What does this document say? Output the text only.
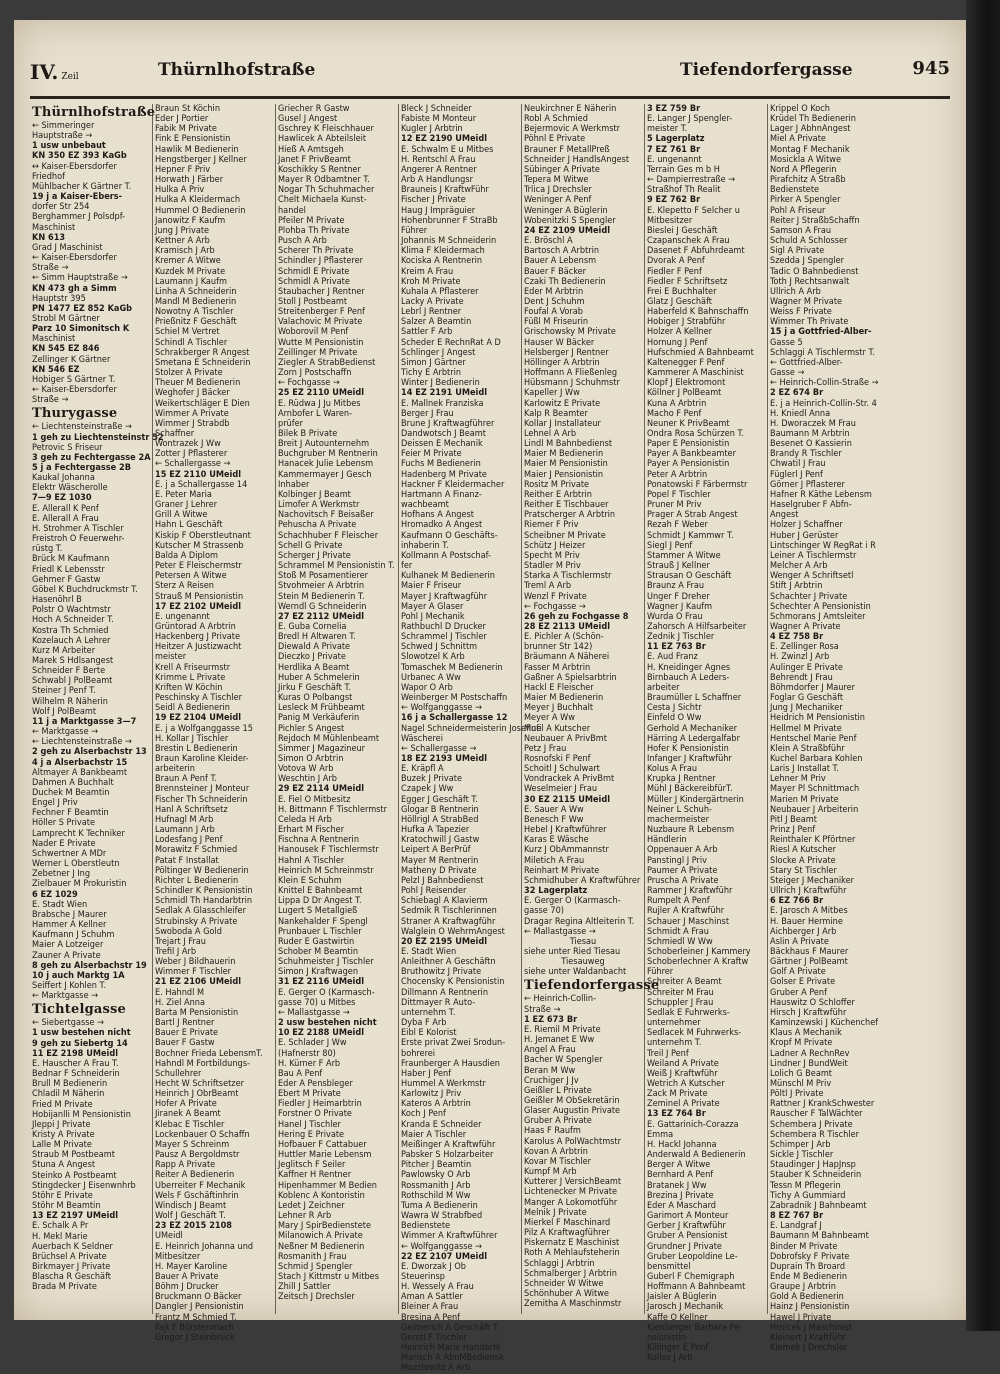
IV. Zeil	Thürnlhofstraße	Tiefendorfergasse	945
Thürnlhofstraße
← Simmeringer
Hauptstraße →
1 usw unbebaut
KN 350 EZ 393 KaGb
↔ Kaiser-Ebersdorfer
Friedhof
Mühlbacher K Gärtner T.
19 j a Kaiser-Ebers-
dorfer Str 254
Berghammer J Polsdpf-
Maschinist
KN 613
Grad J Maschinist
← Kaiser-Ebersdorfer
Straße →
← Simm Hauptstraße →
KN 473 gh a Simm
Hauptstr 395
PN 1477 EZ 852 KaGb
Strobl M Gärtner
Parz 10 Simonitsch K
Maschinist
KN 545 EZ 846
Zellinger K Gärtner
KN 546 EZ
Hobiger S Gärtner T.
← Kaiser-Ebersdorfer
Straße →
Thurygasse
← Liechtensteinstraße →
1 geh zu Liechtensteinstr 52
Petrovic S Friseur
3 geh zu Fechtergasse 2A
5 j a Fechtergasse 2B
Kaukal Johanna
Elektr Wäscherolle
7—9 EZ 1030
E. Allerall K Penf
E. Allerall A Frau
H. Strohmer A Tischler
Freistroh O Feuerwehr-
rüstg T.
Brück M Kaufmann
Friedl K Lebensstr
Gehmer F Gastw
Göbel K Buchdruckmstr T.
Hasenöhrl B
Polstr O Wachtmstr
Hoch A Schneider T.
Kostra Th Schmied
Kozelauch A Lehrer
Kurz M Arbeiter
Marek S Hdlsangest
Schneider F Berte
Schwabl J PolBeamt
Steiner J Penf T.
Wilhelm R Näherin
Wolf J PolBeamt
11 j a Marktgasse 3—7
← Marktgasse →
← Liechtensteinstraße →
2 geh zu Alserbachstr 13
4 j a Alserbachstr 15
Altmayer A Bankbeamt
Dahmen A Buchhalt
Duchek M Beamtin
Engel J Priv
Fechner F Beamtin
Höller S Private
Lamprecht K Techniker
Nader E Private
Schwertner A MDr
Werner L Oberstleutn
Zebetner J Ing
Zielbauer M Prokuristin
6 EZ 1029
E. Stadt Wien
Brabsche J Maurer
Hammer A Kellner
Kaufmann J Schuhm
Maier A Lotzeiger
Zauner A Private
8 geh zu Alserbachstr 19
10 j auch Marktg 1A
Seiffert J Kohlen T.
← Marktgasse →
Tichtelgasse
← Siebertgasse →
1 usw bestehen nicht
9 geh zu Siebertg 14
11 EZ 2198 UMeidl
E. Hauscher A Frau T.
Bednar F Schneiderin
Brull M Bedienerin
Chladil M Näherin
Fried M Private
Hobijanlli M Pensionistin
Jleppi J Private
Kristy A Private
Lalle M Private
Straub M Postbeamt
Stuna A Angest
Steinko A Postbeamt
Stingdecker J Eisenwnhrb
Stöhr E Private
Stöhr M Beamtin
13 EZ 2197 UMeidl
E. Schalk A Pr
H. Mekl Marie
Auerbach K Seldner
Brüchsel A Private
Birkmayer J Private
Blascha R Geschäft
Brada M Private
Braun St Köchin
Eder J Portier
Fabik M Private
Fink E Pensionistin
Hawlik M Bedienerin
Hengstberger J Kellner
Hepner F Priv
Horwath J Färber
Hulka A Priv
Hulka A Kleidermach
Hummel O Bedienerin
Janowitz F Kaufm
Jung J Private
Kettner A Arb
Kramisch J Arb
Kremer A Witwe
Kuzdek M Private
Laumann J Kaufm
Linha A Schneiderin
Mandl M Bedienerin
Nowotny A Tischler
Prießnitz F Geschäft
Schiel M Vertret
Schindl A Tischler
Schrakberger R Angest
Smetana E Schneiderin
Stolzer A Private
Theuer M Bedienerin
Weghofer J Bäcker
Weikertschläger E Dien
Wimmer A Private
Wimmer J Strabdb
Schaffner
Wontrazek J Ww
Zotter J Pflasterer
← Schallergasse →
15 EZ 2110 UMeidl
E. j a Schallergasse 14
E. Peter Maria
Graner J Lehrer
Grill A Witwe
Hahn L Geschäft
Kiskip F Oberstleutnant
Kutscher M Strassenb
Balda A Diplom
Peter E Fleischermstr
Petersen A Witwe
Sterz A Reisen
Strauß M Pensionistin
17 EZ 2102 UMeidl
E. ungenannt
Grüntorad A Arbtrin
Hackenberg J Private
Heitzer A Justizwacht
meister
Krell A Friseurmstr
Krimme L Private
Kriften W Köchin
Peschinsky A Tischler
Seidl A Bedienerin
19 EZ 2104 UMeidl
E. j a Wolfganggasse 15
H. Kollar J Tischler
Brestin L Bedienerin
Braun Karoline Kleider-
arbeiterin
Braun A Penf T.
Brennsteiner J Monteur
Fischer Th Schneiderin
Hanl A Schriftsetz
Hufnagl M Arb
Laumann J Arb
Lodesfang J Penf
Morawitz F Schmied
Patat F Installat
Pöltinger W Bedienerin
Richter L Bedienerin
Schindler K Pensionistin
Schmidl Th Handarbtrin
Sedlak A Glasschleifer
Strubinsky A Private
Swoboda A Gold
Trejart J Frau
Trefil J Arb
Weber J Bildhauerin
Wimmer F Tischler
21 EZ 2106 UMeidl
E. Hahndl M
H. Ziel Anna
Barta M Pensionistin
Bartl J Rentner
Bauer E Private
Bauer F Gastw
Bochner Frieda LebensmT.
Hahndl M Fortbildungs-
Schullehrer
Hecht W Schriftsetzer
Heinrich J ObrBeamt
Hofer A Private
Jiranek A Beamt
Klebac E Tischler
Lockenbauer O Schaffn
Mayer S Schreinm
Pausz A Bergoldmstr
Rapp A Private
Reiter A Bedienerin
Uberreiter F Mechanik
Wels F Gschäftinhrin
Windisch J Beamt
Wolf J Geschäft T.
23 EZ 2015 2108
UMeidl
E. Heinrich Johanna und
Mitbesitzer
H. Mayer Karoline
Bauer A Private
Böhm J Drucker
Bruckmann O Bäcker
Dangler J Pensionistin
Frantz M Schmied T.
Fajt F Bürstenmach
Gregor J Steinbruck
Griecher R Gastw
Gusel J Angest
Gschrey K Fleischhauer
Hawlicek A Abteilsleit
Hieß A Amtsgeh
Janet F PrivBeamt
Koschikky S Rentner
Mayer R Odbamtner T.
Nogar Th Schuhmacher
Chelt Michaela Kunst-
handel
Pfeiler M Private
Plohba Th Private
Pusch A Arb
Scherer Th Private
Schindler J Pflasterer
Schmidl E Private
Schmidl A Private
Staubacher J Rentner
Stoll J Postbeamt
Streitenberger F Penf
Valachovic M Private
Woborovil M Penf
Wutte M Pensionistin
Zeillinger M Private
Ziegler A StrabBedienst
Zorn J Postschaffn
← Fochgasse →
25 EZ 2110 UMeidl
E. Rüdwa J Ju Mitbes
Arnbofer L Waren-
prüfer
Bilek B Private
Breit J Autounternehm
Buchgruber M Rentnerin
Hanacek Julie Lebensm
Kammermayer J Gesch
Inhaber
Kolbinger J Beamt
Limofer A Werkmstr
Nachovitsch F Beisaßer
Pehuscha A Private
Schachhuber F Fleischer
Schell G Private
Scherger J Private
Schrammel M Pensionistin T.
Stoß M Posamentierer
Stvohmeier A Arbtrin
Stein M Bedienerin T.
Werndl G Schneiderin
27 EZ 2112 UMeidl
E. Guba Cornelia
Bredl H Altwaren T.
Diewald A Private
Dieczko J Private
Herdlika A Beamt
Huber A Schmelerin
Jirku F Geschäft T.
Kuras O Polbangst
Lesleck M Frühbeamt
Panig M Verkäuferin
Pichler S Angest
Rejdoch M Mühlenbeamt
Simmer J Magazineur
Simon O Arbtrin
Votova W Arb
Weschtin J Arb
29 EZ 2114 UMeidl
E. Fiel O Mitbesitz
H. Bittmann F Tischlermstr
Celeda H Arb
Erhart M Fischer
Fischna A Rentnerin
Hanousek F Tischlermstr
Hahnl A Tischler
Heinrich M Schreinmstr
Klein E Schuhm
Knittel E Bahnbeamt
Lippa D Dr Angest T.
Lugert S Metallgieß
Nankehalder F Spengl
Prunbauer L Tischler
Ruder E Gastwirtin
Schober M Beamtin
Schuhmeister J Tischler
Simon J Kraftwagen
31 EZ 2116 UMeidl
E. Gerger O (Karmasch-
gasse 70) u Mitbes
← Mallastgasse →
2 usw bestehen nicht
10 EZ 2188 UMeidl
E. Schlader J Ww
(Hafnerstr 80)
H. Kürner F Arb
Bau A Penf
Eder A Pensbleger
Ebert M Private
Fiedler J Heimarbtrin
Forstner O Private
Hanel J Tischler
Hering E Private
Hofbauer F Cattabuer
Huttler Marie Lebensm
Jeglitsch F Seiler
Kaffner H Rentner
Hipenhammer M Bedien
Koblenc A Kontoristin
Ledet J Zeichner
Lehner R Arb
Mary J SpirBedienstete
Milanowich A Private
Neßner M Bedienerin
Rosmanith J Frau
Schmid J Spengler
Stach J Kittmstr u Mitbes
Zhill J Sattler
Zeitsch J Drechsler
Bleck J Schneider
Fabiste M Monteur
Kugler J Arbtrin
12 EZ 2190 UMeidl
E. Schwalm E u Mitbes
H. Rentschl A Frau
Angerer A Rentner
Arb A Handlungsr
Brauneis J KraftwFühr
Fischer J Private
Haug J Impräguier
Hohenbrunner F StraBb
Führer
Johannis M Schneiderin
Klima F Kleidermach
Kociska A Rentnerin
Kreim A Frau
Kroh M Private
Kuhala A Pflasterer
Lacky A Private
Lebrl J Rentner
Salzer A Beamtin
Sattler F Arb
Scheder E RechnRat A D
Schlinger J Angest
Simon J Gärtner
Tichy E Arbtrin
Winter J Bedienerin
14 EZ 2191 UMeidl
E. Mallnek Franziska
Berger J Frau
Brune J Kraftwagführer
Dandwotsch J Beamt
Deissen E Mechanik
Feier M Private
Fuchs M Bedienerin
Hadenberg M Private
Hackner F Kleidermacher
Hartmann A Finanz-
wachbeamt
Hofhans A Angest
Hromadko A Angest
Kaufmann O Geschäfts-
inhaberin T.
Kollmann A Postschaf-
fer
Kulhanek M Bedienerin
Maier F Friseur
Mayer J Kraftwagführ
Mayer A Glaser
Pohl J Mechanik
Rathbuchl D Drucker
Schrammel J Tischler
Schwed J Schnittm
Slowotzel K Arb
Tomaschek M Bedienerin
Urbanec A Ww
Wapor O Arb
Weinberger M Postschaffn
← Wolfganggasse →
16 j a Schallergasse 12
Nagel Schneidermeisterin Josefine
Wäscherei
← Schallergasse →
18 EZ 2193 UMeidl
E. Kräpfl A
Buzek J Private
Czapek J Ww
Egger J Geschäft T.
Glogar B Rentnerin
Höllrigl A StrabBed
Hufka A Tapezier
Kratochwill J Gastw
Leipert A BerPrüf
Mayer M Rentnerin
Matheny D Private
Pelzl J Bahnbedienst
Pohl J Reisender
Schiebagl A Klavierm
Sedmik R Tischlerinnen
Straner A Kraftwagführ
Walglein O WehrmAngest
20 EZ 2195 UMeidl
E. Stadt Wien
Anleithner A Geschäftn
Bruthowitz J Private
Chocensky K Pensionistin
Dillmann A Rentnerin
Dittmayer R Auto-
unternehm T.
Dyba F Arb
Eibl E Kolorist
Erste privat Zwei Srodun-
bohrerei
Fraunberger A Hausdien
Haber J Penf
Hummel A Werkmstr
Karlowitz J Priv
Kateros A Arbtrin
Koch J Penf
Kranda E Schneider
Maier A Tischler
Meißinger A Kraftwführ
Pabsker S Holzarbeiter
Pitcher J Beamtin
Pawlowsky O Arb
Rossmanith J Arb
Rothschild M Ww
Tuma A Bedienerin
Wawra W Strabfbed
Bedienstete
Wimmer A Kraftwführer
← Wolfganggasse →
22 EZ 2107 UMeidl
E. Dworzak J Ob
Steuerinsp
H. Wessely A Frau
Aman A Sattler
Bleiner A Frau
Bresina A Penf
Geimerich A Geschäft T.
Gerstl F Tischler
Heinrich Marie Handarbl
Marisch A AbnMBediensk
Mozzlowitz A Arb
Neukirchner E Näherin
Robl A Schmied
Bejermovic A Werkmstr
Pöhnl E Private
Brauner F MetallPreß
Schneider J HandlsAngest
Sübinger A Private
Tepera M Witwe
Trlica J Drechsler
Weninger A Penf
Weninger A Büglerin
Wobenitzki S Spengler
24 EZ 2109 UMeidl
E. Bröschl A
Bartosch A Arbtrin
Bauer A Lebensm
Bauer F Bäcker
Czaki Th Bedienerin
Eder M Arbtrin
Dent J Schuhm
Foufal A Vorab
Füßl M Friseurin
Grischowsky M Private
Hauser W Bäcker
Helsberger J Rentner
Höllinger A Arbtrin
Hoffmann A Fließenleg
Hübsmann J Schuhmstr
Kapeller J Ww
Karlowitz E Private
Kalp R Beamter
Kollar J Installateur
Lehnel A Arb
Lindl M Bahnbedienst
Maier M Bedienerin
Maier M Pensionistin
Maier J Pensionistin
Rositz M Private
Reither E Arbtrin
Reither E Tischbauer
Pratscherger A Arbtrin
Riemer F Priv
Scheibner M Private
Schütz J Heizer
Specht M Priv
Stadler M Priv
Starka A Tischlermstr
Treml A Arb
Wenzl F Private
← Fochgasse →
26 geh zu Fochgasse 8
28 EZ 2113 UMeidl
E. Pichler A (Schön-
brunner Str 142)
Bräumann A Näherei
Fasser M Arbtrin
Gaßner A Spielsarbtrin
Hackl E Fleischer
Maier M Bedienerin
Meyer J Buchhalt
Meyer A Ww
Mufil A Kutscher
Neubauer A PrivBmt
Petz J Frau
Rosnofski F Penf
Schoitl J Schulwart
Vondrackek A PrivBmt
Weselmeier J Frau
30 EZ 2115 UMeidl
E. Sauer A Ww
Benesch F Ww
Hebel J Kraftwführer
Karas E Wäsche
Kurz J ObAmmannstr
Miletich A Frau
Reinhart M Private
Schmidhuber A Kraftwführer
32 Lagerplatz
E. Gerger O (Karmasch-
gasse 70)
Dragar Regina Altleiterin T.
← Mallastgasse →
Tiesau
siehe unter Ried Tiesau
Tiesauweg
siehe unter Waldanbacht
Tiefendorfergasse
← Heinrich-Collin-
Straße →
1 EZ 673 Br
E. Riemil M Private
H. Jemanet E Ww
Angel A Frau
Bacher W Spengler
Beran M Ww
Cruchiger J Jv
Geißler L Private
Geißler M ObSekretärin
Glaser Augustin Private
Gruber A Private
Haas F Raufm
Karolus A PolWachtmstr
Kovan A Arbtrin
Kovar M Tischler
Kumpf M Arb
Kutterer J VersichBeamt
Lichtenecker M Private
Manger A Lokomotführ
Melnik J Private
Mierkel F Maschinard
Pilz A Kraftwagführer
Piskernatz E Maschinist
Roth A Mehlaufsteherin
Schlaggi J Arbtrin
Schmalberger J Arbtrin
Schneider W Witwe
Schönhuber A Witwe
Zemitha A Maschinmstr
3 EZ 759 Br
E. Langer J Spengler-
meister T.
5 Lagerplatz
7 EZ 761 Br
E. ungenannt
Terrain Ges m b H
← Dampierrestraße →
Straßhof Th Realit
9 EZ 762 Br
E. Klepetto F Selcher u
Mitbesitzer
Bieslei J Geschäft
Czapanschek A Frau
Dasenet F Abfuhrdeamt
Dvorak A Penf
Fiedler F Penf
Fiedler F Schriftsetz
Frei E Buchhalter
Glatz J Geschäft
Haberfeld K Bahnschaffn
Hobiger J Strabführ
Holzer A Kellner
Hornung J Penf
Hufschmied A Bahnbeamt
Kaltenegger F Penf
Kammerer A Maschinist
Klopf J Elektromont
Köllner J PolBeamt
Kuna A Arbtrin
Macho F Penf
Neuner K PrivBeamt
Ondra Rosa Schürzen T.
Paper E Pensionistin
Payer A Bankbeamter
Payer A Pensionistin
Peter A Arbtrin
Ponatowski F Färbermstr
Popel F Tischler
Pruner M Priv
Prager A Strab Angest
Rezah F Weber
Schmidt J Kammwr T.
Siegl J Penf
Stammer A Witwe
Strauß J Kellner
Strausan O Geschäft
Braunz A Frau
Unger F Dreher
Wagner J Kaufm
Wurda O Frau
Zahorsch A Hilfsarbeiter
Zednik J Tischler
11 EZ 763 Br
E. Aud Franz
H. Kneidinger Agnes
Birnbauch A Leders-
arbeiter
Braumüller L Schaffner
Cesta J Sichtr
Einfeld O Ww
Gerhold A Mechaniker
Härring A Ledergalfabr
Hofer K Pensionistin
Infanger J Kraftwführ
Kolus A Frau
Krupka J Rentner
Mühl J BäckereibfürT.
Müller J Kindergärtnerin
Neiner L Schuh-
machermeister
Nuzbaure R Lebensm
Händlerin
Oppenauer A Arb
Panstingl J Priv
Paumer A Private
Pruscha A Private
Rammer J Kraftwführ
Rumpelt A Penf
Rujler A Kraftwführ
Schauer J Maschinst
Schmidt A Frau
Schmiedl W Ww
Schoberleiner J Kammery
Schoberlechner A Kraftw
Führer
Schreiter A Beamt
Schreiter M Frau
Schuppler J Frau
Sedlak E Fuhrwerks-
unternehmer
Sedlacek M Fuhrwerks-
unternehm T.
Treil J Penf
Weiland A Private
Weiß J Kraftwführ
Wetrich A Kutscher
Zack M Private
Zeminel A Private
13 EZ 764 Br
E. Gattarinich-Corazza
Emma
H. Hackl Johanna
Anderwald A Bedienerin
Berger A Witwe
Bernhard A Penf
Bratanek J Ww
Brezina J Private
Eder A Maschard
Garimort A Monteur
Gerber J Kraftwführ
Gruber A Pensionist
Grundner J Private
Gruber Leopoldine Le-
bensmittel
Guberl F Chemigraph
Hoffmann A Bahnbeamt
Jaisler A Büglerin
Jarosch J Mechanik
Kaffe O Kellner
Kienberger Barbara Pe-
nsionistin
Killinger E Penf
Kollos J Arb
Krippel O Koch
Krüdel Th Bedienerin
Lager J AbhnAngest
Miel A Private
Montag F Mechanik
Mosickla A Witwe
Nord A Pflegerin
Pirafchitz A Straßb
Bedienstete
Pirker A Spengler
Pohl A Friseur
Reiter J StraßbSchaffn
Samson A Frau
Schuld A Schlosser
Sigl A Private
Szedda J Spengler
Tadic O Bahnbedienst
Toth J Rechtsanwalt
Ullrich A Arb
Wagner M Private
Weiss F Private
Wimmer Th Private
15 j a Gottfried-Alber-
Gasse 5
Schlaggi A Tischlermstr T.
← Gottfried-Alber-
Gasse →
← Heinrich-Collin-Straße →
2 EZ 674 Br
E. j a Heinrich-Collin-Str. 4
H. Kniedl Anna
H. Dworaczek M Frau
Baumann M Arbtrin
Besenet O Kassierin
Brandy R Tischler
Chwatil J Frau
Füglerl J Penf
Görner J Pflasterer
Hafner R Käthe Lebensm
Haselgruber F Abfn-
Angest
Holzer J Schaffner
Huber J Gerüster
Lintschinger W RegRat i R
Leiner A Tischlermstr
Melcher A Arb
Wenger A Schriftsetl
Stift J Arbtrin
Schachter J Private
Schechter A Pensionistin
Schmorans J Amtsleiter
Wagner A Private
4 EZ 758 Br
E. Zellinger Rosa
H. Zwinzl J Arb
Aulinger E Private
Behrendt J Frau
Böhmdorfer J Maurer
Foglar G Geschäft
Jung J Mechaniker
Heidrich M Pensionistin
Hellmel M Private
Hentschel Marie Penf
Klein A Straßbführ
Kuchel Barbara Kohlen
Laris J Installat T.
Lehner M Priv
Mayer Pl Schnittmach
Marien M Private
Neubauer J Arbeiterin
Pitl J Beamt
Prinz J Penf
Reinthaler K Pförtner
Riesl A Kutscher
Slocke A Private
Stary St Tischler
Steiger J Mechaniker
Ullrich J Kraftwführ
6 EZ 766 Br
E. Jarosch A Mitbes
H. Bauer Hermine
Aichberger J Arb
Aslin A Private
Bäckhaus F Maurer
Gärtner J PolBeamt
Golf A Private
Golser E Private
Gruber A Penf
Hauswitz O Schloffer
Hirsch J Kraftwführ
Kaminzewski J Küchenchef
Klaus A Mechanik
Kropf M Private
Ladner A RechnRev
Lindner J BundWeit
Lolich G Beamt
Münschl M Priv
Pöltl J Private
Rattner J KrankSchwester
Rauscher F TalWächter
Schembera J Private
Schembera R Tischler
Schimper J Arb
Sickle J Tischler
Staudinger J HapJnsp
Stauber K Schneiderin
Tessn M Pflegerin
Tichy A Gummiard
Zabradnik J Bahnbeamt
8 EZ 767 Br
E. Landgraf J
Baumann M Bahnbeamt
Binder M Private
Dobrofsky F Private
Duprain Th Broard
Ende M Bedienerin
Graupe J Arbtrin
Gold A Bedienerin
Hainz J Pensionistin
Hawel J Private
Hrnicek J Maschinist
Kleinert J Kraftführ
Klemek J Drechsler
